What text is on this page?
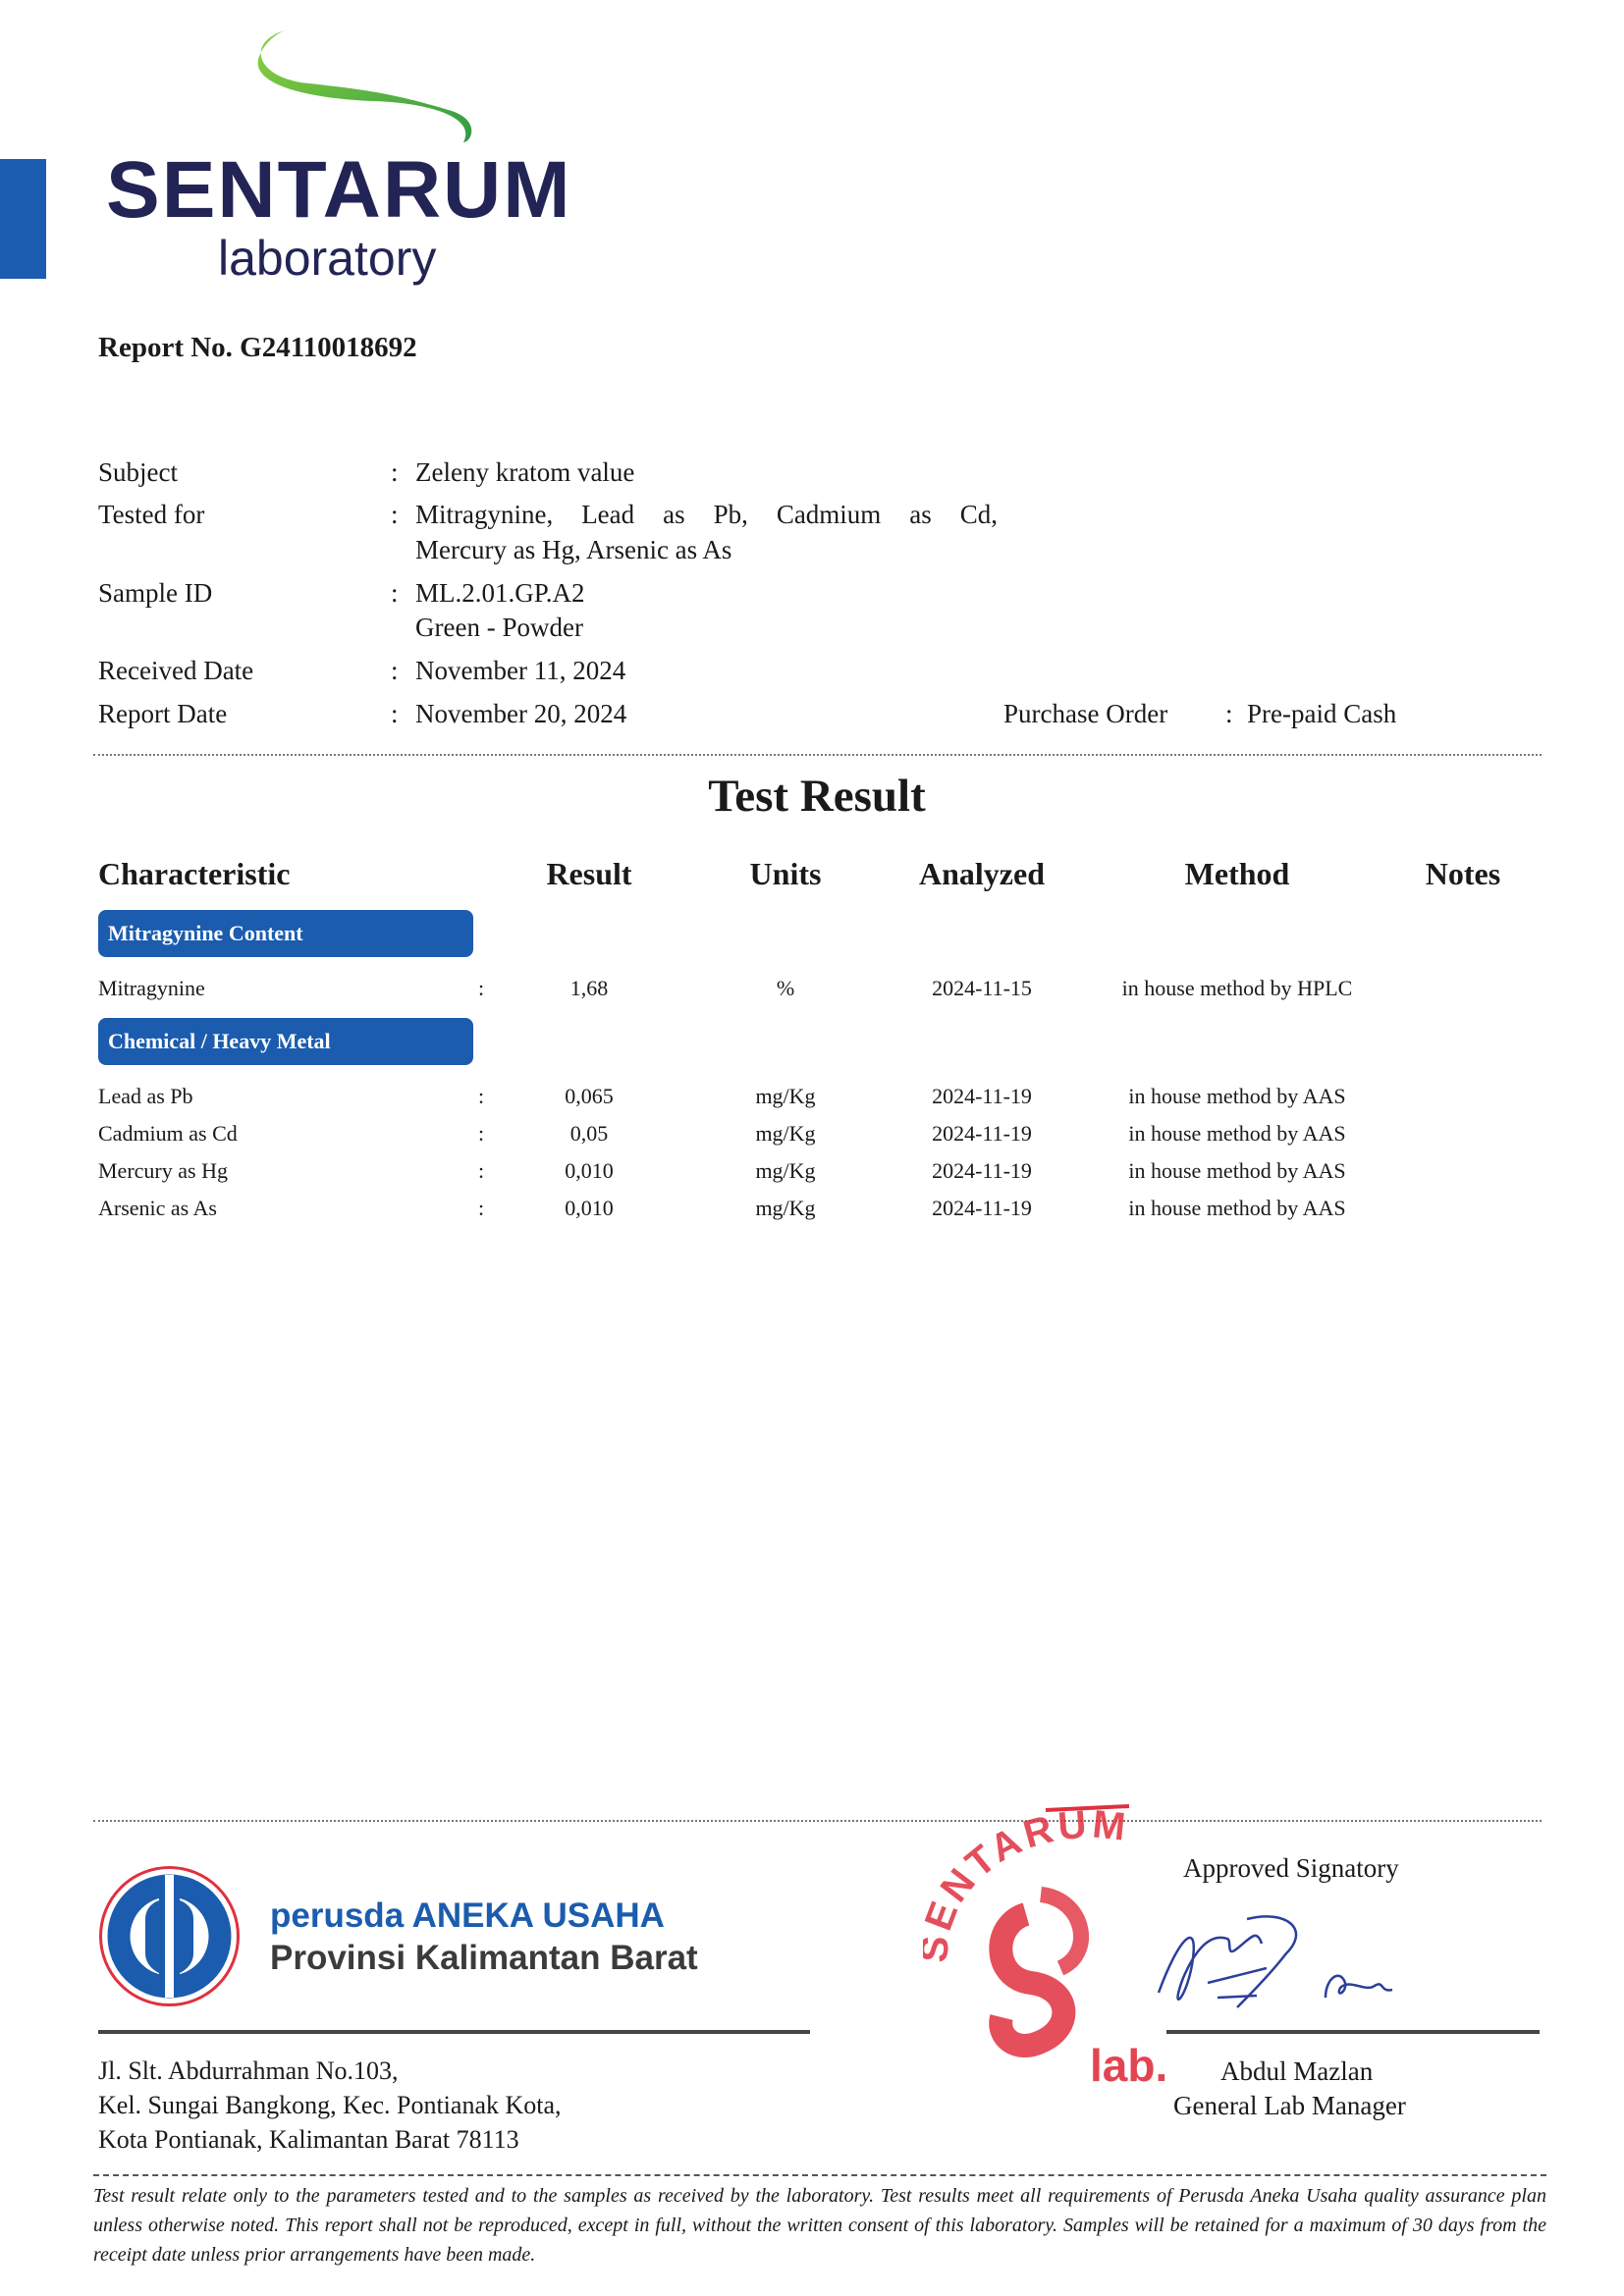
SENTARUM
laboratory
Report No. G24110018692
Subject	: Zeleny kratom value
Tested for	: Mitragynine, Lead as Pb, Cadmium as Cd,
Mercury as Hg, Arsenic as As
Sample ID	: ML.2.01.GP.A2
Green - Powder
Received Date	: November 11, 2024
Report Date	: November 20, 2024	Purchase Order : Pre-paid Cash
Test Result
Characteristic	Result	Units	Analyzed	Method	Notes
Mitragynine Content
Mitragynine	:	1,68	%	2024-11-15	in house method by HPLC
Chemical / Heavy Metal
Lead as Pb	:	0,065	mg/Kg	2024-11-19	in house method by AAS
Cadmium as Cd	:	0,05	mg/Kg	2024-11-19	in house method by AAS
Mercury as Hg	:	0,010	mg/Kg	2024-11-19	in house method by AAS
Arsenic as As	:	0,010	mg/Kg	2024-11-19	in house method by AAS
perusda ANEKA USAHA
Provinsi Kalimantan Barat
Jl. Slt. Abdurrahman No.103,
Kel. Sungai Bangkong, Kec. Pontianak Kota,
Kota Pontianak, Kalimantan Barat 78113
NTARUM
lab.
Approved Signatory
Abdul Mazlan
General Lab Manager
Test result relate only to the parameters tested and to the samples as received by the laboratory. Test results meet all requirements of Perusda Aneka Usaha quality assurance plan unless otherwise noted. This report shall not be reproduced, except in full, without the written consent of this laboratory. Samples will be retained for a maximum of 30 days from the receipt date unless prior arrangements have been made.
